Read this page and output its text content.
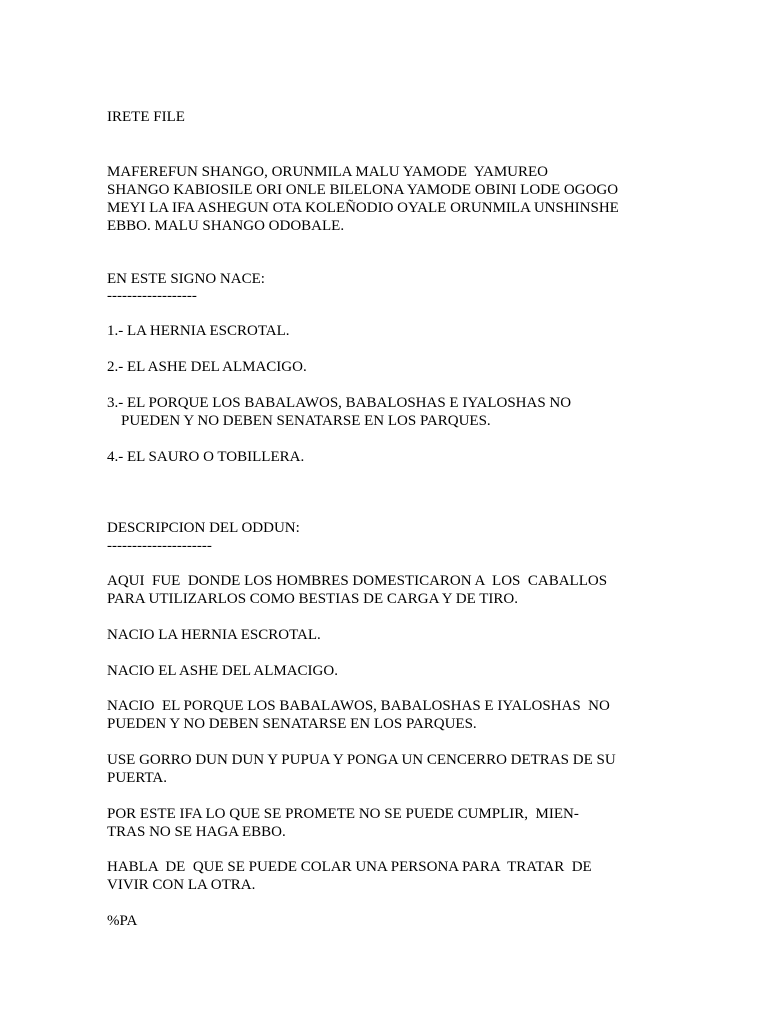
IRETE FILE
MAFEREFUN SHANGO, ORUNMILA MALU YAMODE  YAMUREO
SHANGO KABIOSILE ORI ONLE BILELONA YAMODE OBINI LODE OGOGO
MEYI LA IFA ASHEGUN OTA KOLEÑODIO OYALE ORUNMILA UNSHINSHE
EBBO. MALU SHANGO ODOBALE.
EN ESTE SIGNO NACE:
------------------
1.- LA HERNIA ESCROTAL.
2.- EL ASHE DEL ALMACIGO.
3.- EL PORQUE LOS BABALAWOS, BABALOSHAS E IYALOSHAS NO
PUEDEN Y NO DEBEN SENATARSE EN LOS PARQUES.
4.- EL SAURO O TOBILLERA.
DESCRIPCION DEL ODDUN:
---------------------
AQUI  FUE  DONDE LOS HOMBRES DOMESTICARON A  LOS  CABALLOS
PARA UTILIZARLOS COMO BESTIAS DE CARGA Y DE TIRO.
NACIO LA HERNIA ESCROTAL.
NACIO EL ASHE DEL ALMACIGO.
NACIO  EL PORQUE LOS BABALAWOS, BABALOSHAS E IYALOSHAS  NO
PUEDEN Y NO DEBEN SENATARSE EN LOS PARQUES.
USE GORRO DUN DUN Y PUPUA Y PONGA UN CENCERRO DETRAS DE SU
PUERTA.
POR ESTE IFA LO QUE SE PROMETE NO SE PUEDE CUMPLIR,  MIEN-
TRAS NO SE HAGA EBBO.
HABLA  DE  QUE SE PUEDE COLAR UNA PERSONA PARA  TRATAR  DE
VIVIR CON LA OTRA.
%PA
